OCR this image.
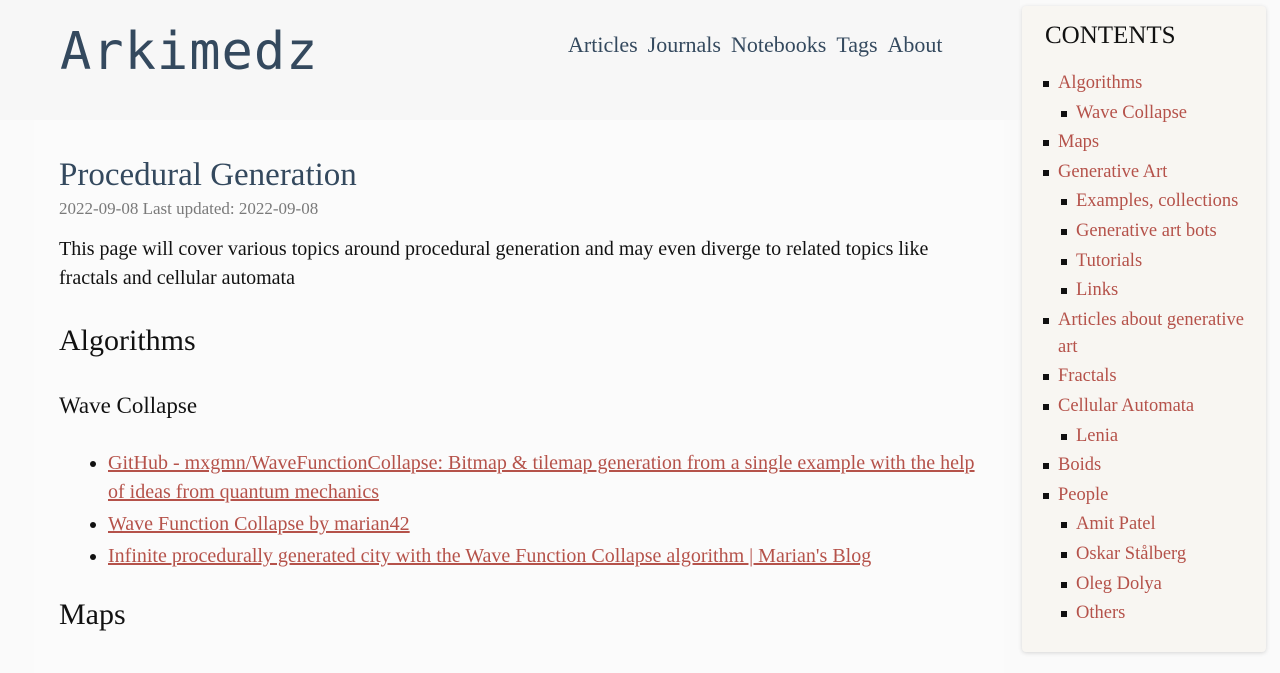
Arkimedz	Articles Journals Notebooks Tags About
Procedural Generation
2022-09-08 Last updated: 2022-09-08

This page will cover various topics around procedural generation and may even diverge to related topics like fractals and cellular automata

Algorithms
Wave Collapse
• GitHub - mxgmn/WaveFunctionCollapse: Bitmap & tilemap generation from a single example with the help of ideas from quantum mechanics
• Wave Function Collapse by marian42
• Infinite procedurally generated city with the Wave Function Collapse algorithm | Marian's Blog
Maps
CONTENTS
Algorithms
Wave Collapse
Maps
Generative Art
Examples, collections
Generative art bots
Tutorials
Links
Articles about generative art
Fractals
Cellular Automata
Lenia
Boids
People
Amit Patel
Oskar Stålberg
Oleg Dolya
Others
